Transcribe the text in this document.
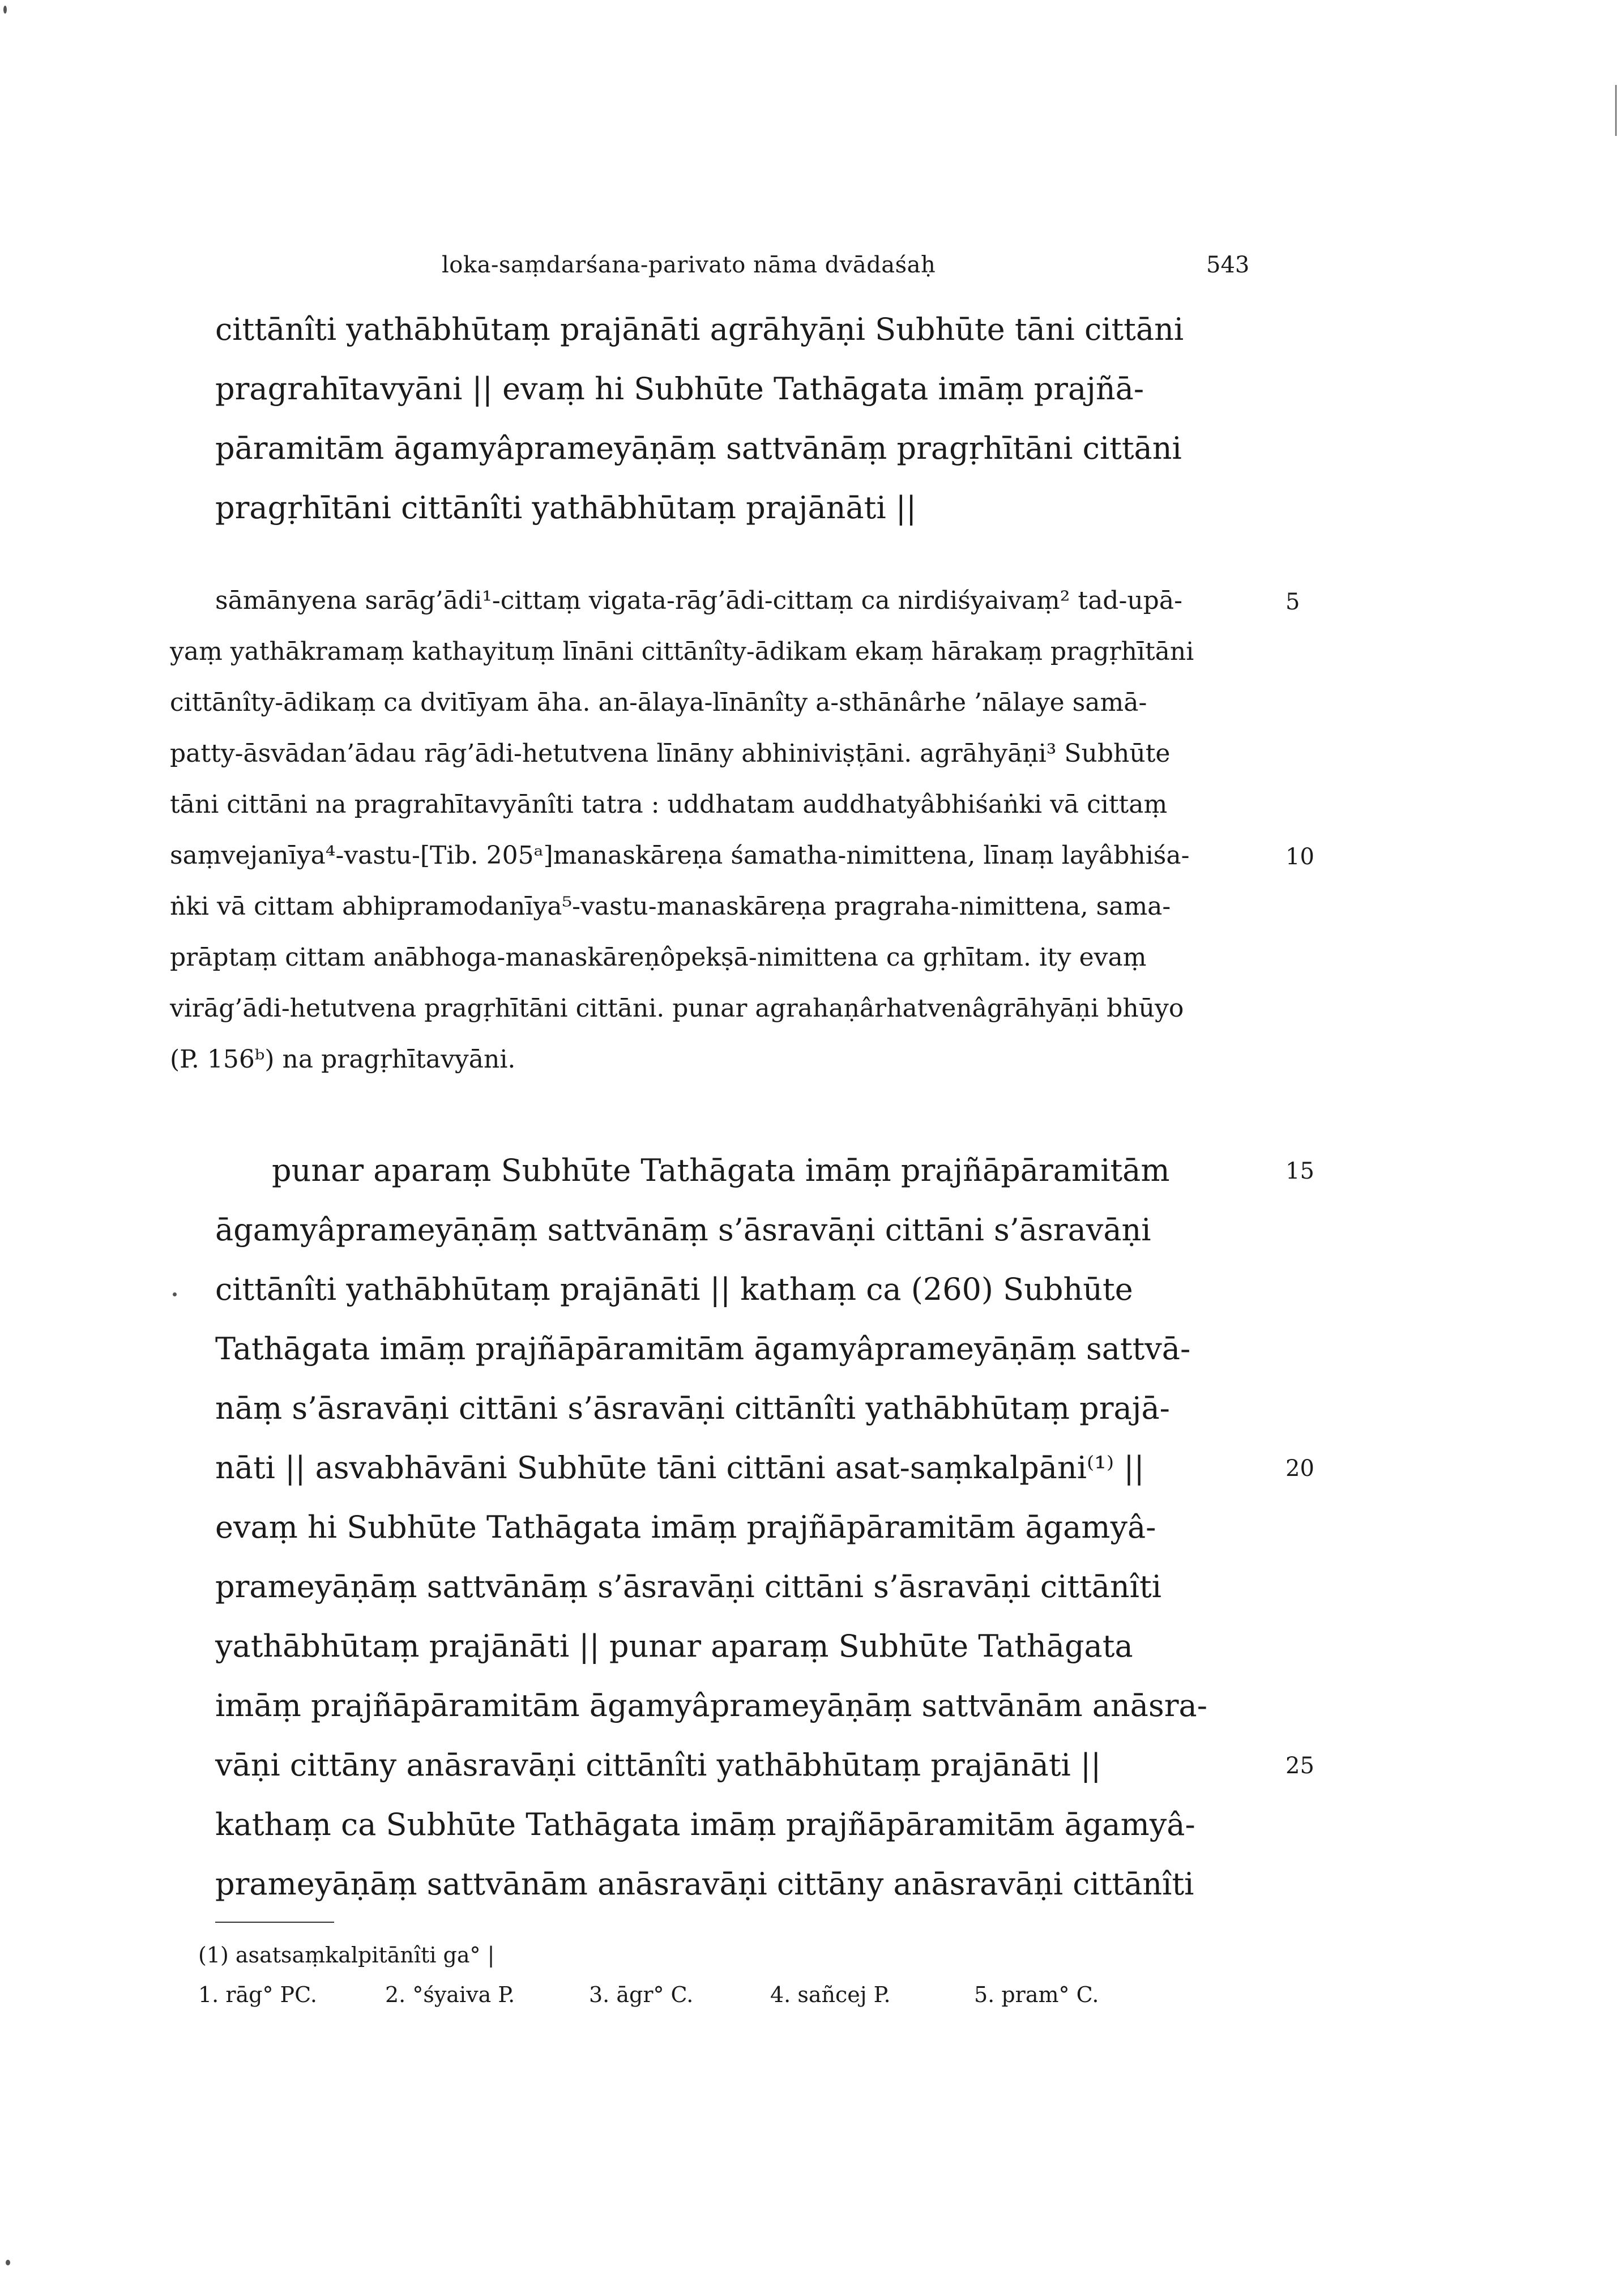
loka-saṃdarśana-parivato nāma dvādaśaḥ	543
cittānîti yathābhūtaṃ prajānāti agrāhyāṇi Subhūte tāni cittāni
pragrahītavyāni || evaṃ hi Subhūte Tathāgata imāṃ prajñā-
pāramitām āgamyâprameyāṇāṃ sattvānāṃ pragṛhītāni cittāni
pragṛhītāni cittānîti yathābhūtaṃ prajānāti ||
sāmānyena sarāg’ādi¹-cittaṃ vigata-rāg’ādi-cittaṃ ca nirdiśyaivaṃ² tad-upā-
yaṃ yathākramaṃ kathayituṃ līnāni cittānîty-ādikam ekaṃ hārakaṃ pragṛhītāni
cittānîty-ādikaṃ ca dvitīyam āha. an-ālaya-līnānîty a-sthānârhe ’nālaye samā-
patty-āsvādan’ādau rāg’ādi-hetutvena līnāny abhiniviṣṭāni. agrāhyāṇi³ Subhūte
tāni cittāni na pragrahītavyānîti tatra : uddhatam auddhatyâbhiśaṅki vā cittaṃ
saṃvejanīya⁴-vastu-[Tib. 205ᵃ]manaskāreṇa śamatha-nimittena, līnaṃ layâbhiśa-
ṅki vā cittam abhipramodanīya⁵-vastu-manaskāreṇa pragraha-nimittena, sama-
prāptaṃ cittam anābhoga-manaskāreṇôpekṣā-nimittena ca gṛhītam. ity evaṃ
virāg’ādi-hetutvena pragṛhītāni cittāni. punar agrahaṇârhatvenâgrāhyāṇi bhūyo
(P. 156ᵇ) na pragṛhītavyāni.
punar aparaṃ Subhūte Tathāgata imāṃ prajñāpāramitām
āgamyâprameyāṇāṃ sattvānāṃ s’āsravāṇi cittāni s’āsravāṇi
cittānîti yathābhūtaṃ prajānāti || kathaṃ ca (260) Subhūte
Tathāgata imāṃ prajñāpāramitām āgamyâprameyāṇāṃ sattvā-
nāṃ s’āsravāṇi cittāni s’āsravāṇi cittānîti yathābhūtaṃ prajā-
nāti || asvabhāvāni Subhūte tāni cittāni asat-saṃkalpāni⁽¹⁾ ||
evaṃ hi Subhūte Tathāgata imāṃ prajñāpāramitām āgamyâ-
prameyāṇāṃ sattvānāṃ s’āsravāṇi cittāni s’āsravāṇi cittānîti
yathābhūtaṃ prajānāti || punar aparaṃ Subhūte Tathāgata
imāṃ prajñāpāramitām āgamyâprameyāṇāṃ sattvānām anāsra-
vāṇi cittāny anāsravāṇi cittānîti yathābhūtaṃ prajānāti ||
kathaṃ ca Subhūte Tathāgata imāṃ prajñāpāramitām āgamyâ-
prameyāṇāṃ sattvānām anāsravāṇi cittāny anāsravāṇi cittānîti
5
10
15
20
25
(1) asatsaṃkalpitānîti ga° |
1. rāg° PC.	2. °śyaiva P.	3. āgr° C.	4. sañcej P.	5. pram° C.
